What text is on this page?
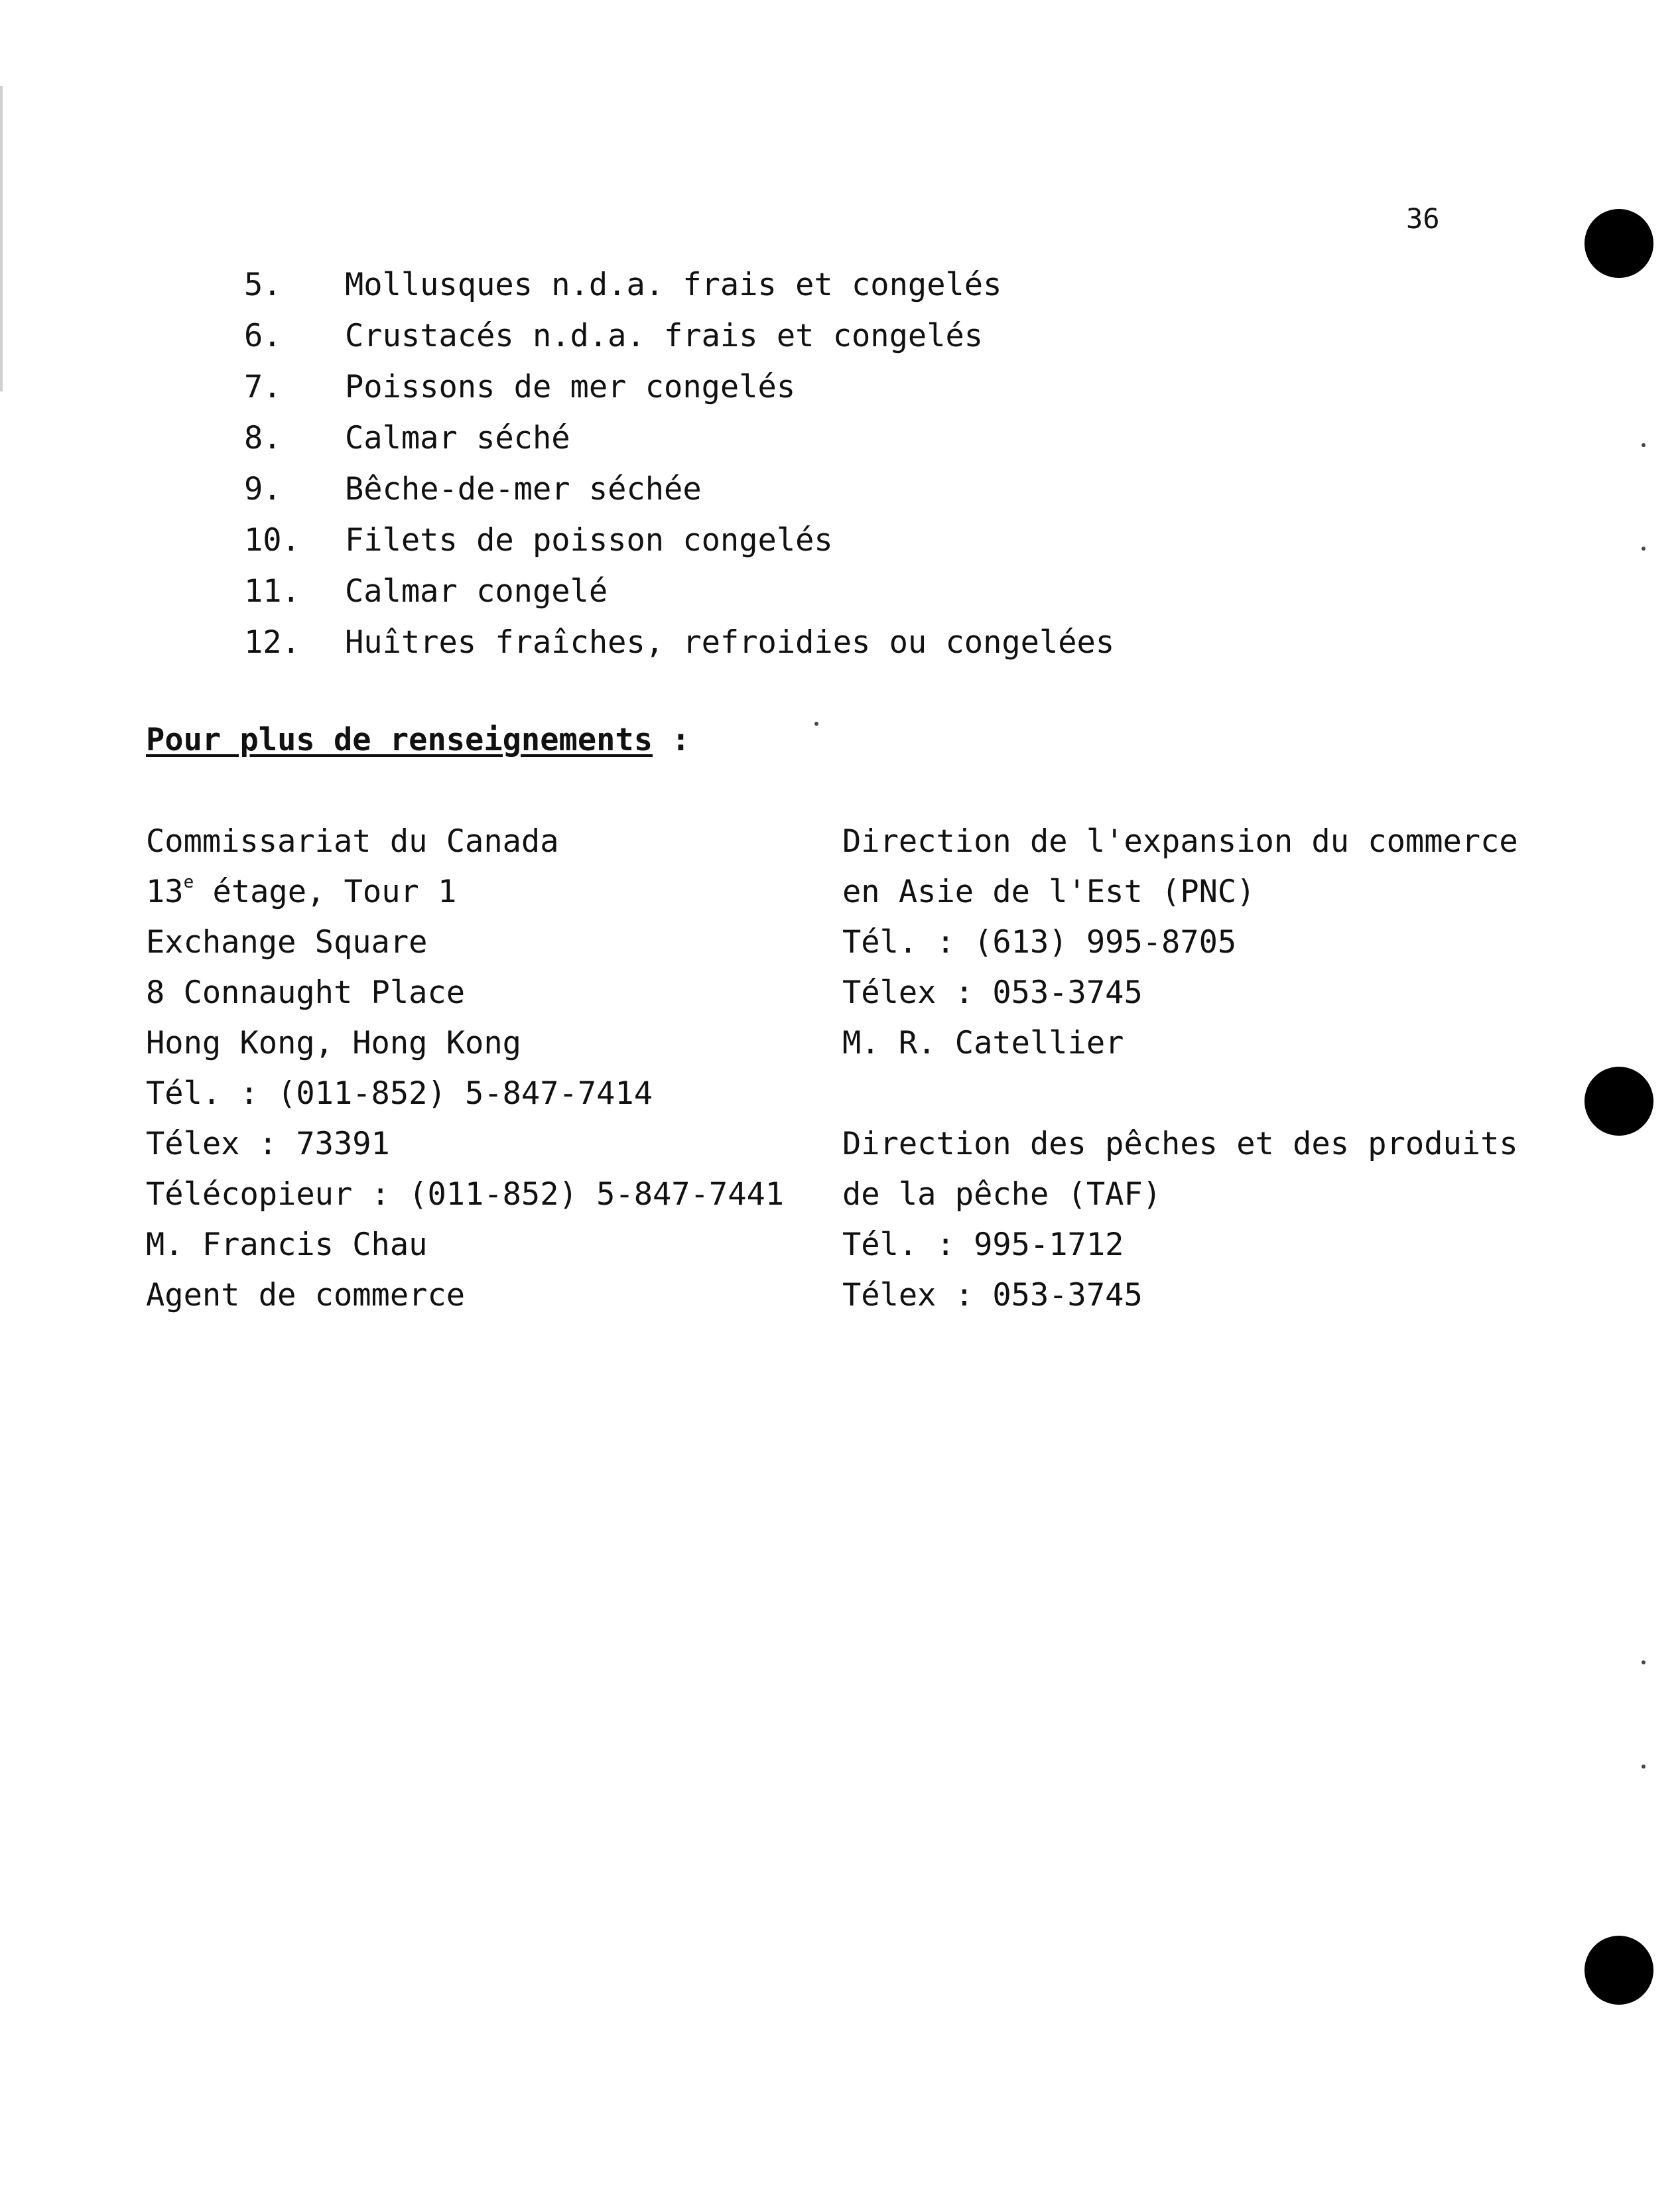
36
5.	Mollusques n.d.a. frais et congelés
6.	Crustacés n.d.a. frais et congelés
7.	Poissons de mer congelés
8.	Calmar séché
9.	Bêche-de-mer séchée
10.	Filets de poisson congelés
11.	Calmar congelé
12.	Huîtres fraîches, refroidies ou congelées
Pour plus de renseignements :
Commissariat du Canada
13e étage, Tour 1
Exchange Square
8 Connaught Place
Hong Kong, Hong Kong
Tél. : (011-852) 5-847-7414
Télex : 73391
Télécopieur : (011-852) 5-847-7441
M. Francis Chau
Agent de commerce
Direction de l'expansion du commerce
en Asie de l'Est (PNC)
Tél. : (613) 995-8705
Télex : 053-3745
M. R. Catellier
Direction des pêches et des produits
de la pêche (TAF)
Tél. : 995-1712
Télex : 053-3745
